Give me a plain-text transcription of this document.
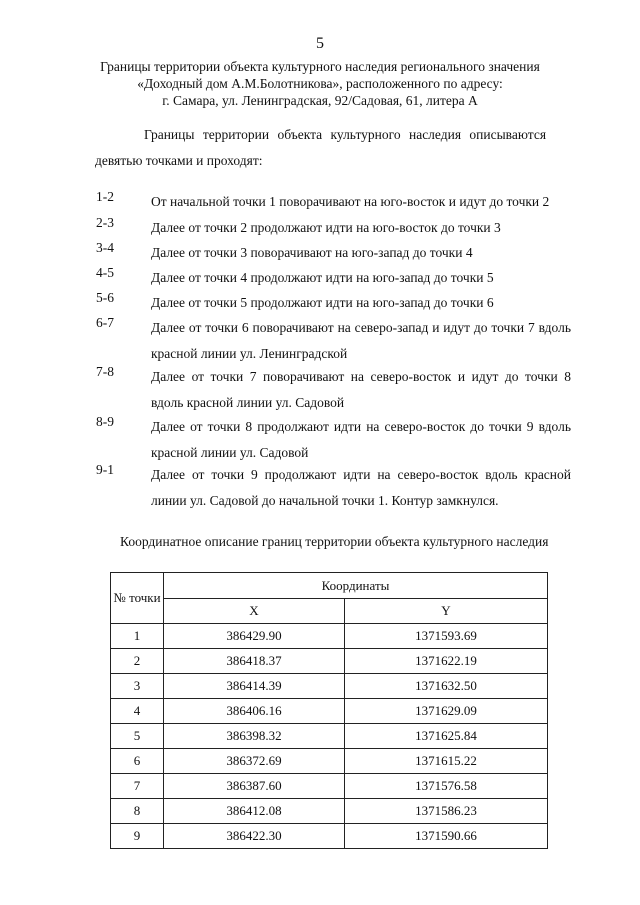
5
Границы территории объекта культурного наследия регионального значения
«Доходный дом А.М.Болотникова», расположенного по адресу:
г. Самара, ул. Ленинградская, 92/Садовая, 61, литера А
Границы территории объекта культурного наследия описываются
девятью точками и проходят:
1-2	От начальной точки 1 поворачивают на юго-восток и идут до точки 2
2-3	Далее от точки 2 продолжают идти на юго-восток до точки 3
3-4	Далее от точки 3 поворачивают на юго-запад до точки 4
4-5	Далее от точки 4 продолжают идти на юго-запад до точки 5
5-6	Далее от точки 5 продолжают идти на юго-запад до точки 6
6-7	Далее от точки 6 поворачивают на северо-запад и идут до точки 7 вдоль красной линии ул. Ленинградской
7-8	Далее от точки 7 поворачивают на северо-восток и идут до точки 8 вдоль красной линии ул. Садовой
8-9	Далее от точки 8 продолжают идти на северо-восток до точки 9 вдоль красной линии ул. Садовой
9-1	Далее от точки 9 продолжают идти на северо-восток вдоль красной линии ул. Садовой до начальной точки 1. Контур замкнулся.
Координатное описание границ территории объекта культурного наследия
№ точки	Координаты	
	X	Y
1	386429.90	1371593.69
2	386418.37	1371622.19
3	386414.39	1371632.50
4	386406.16	1371629.09
5	386398.32	1371625.84
6	386372.69	1371615.22
7	386387.60	1371576.58
8	386412.08	1371586.23
9	386422.30	1371590.66
